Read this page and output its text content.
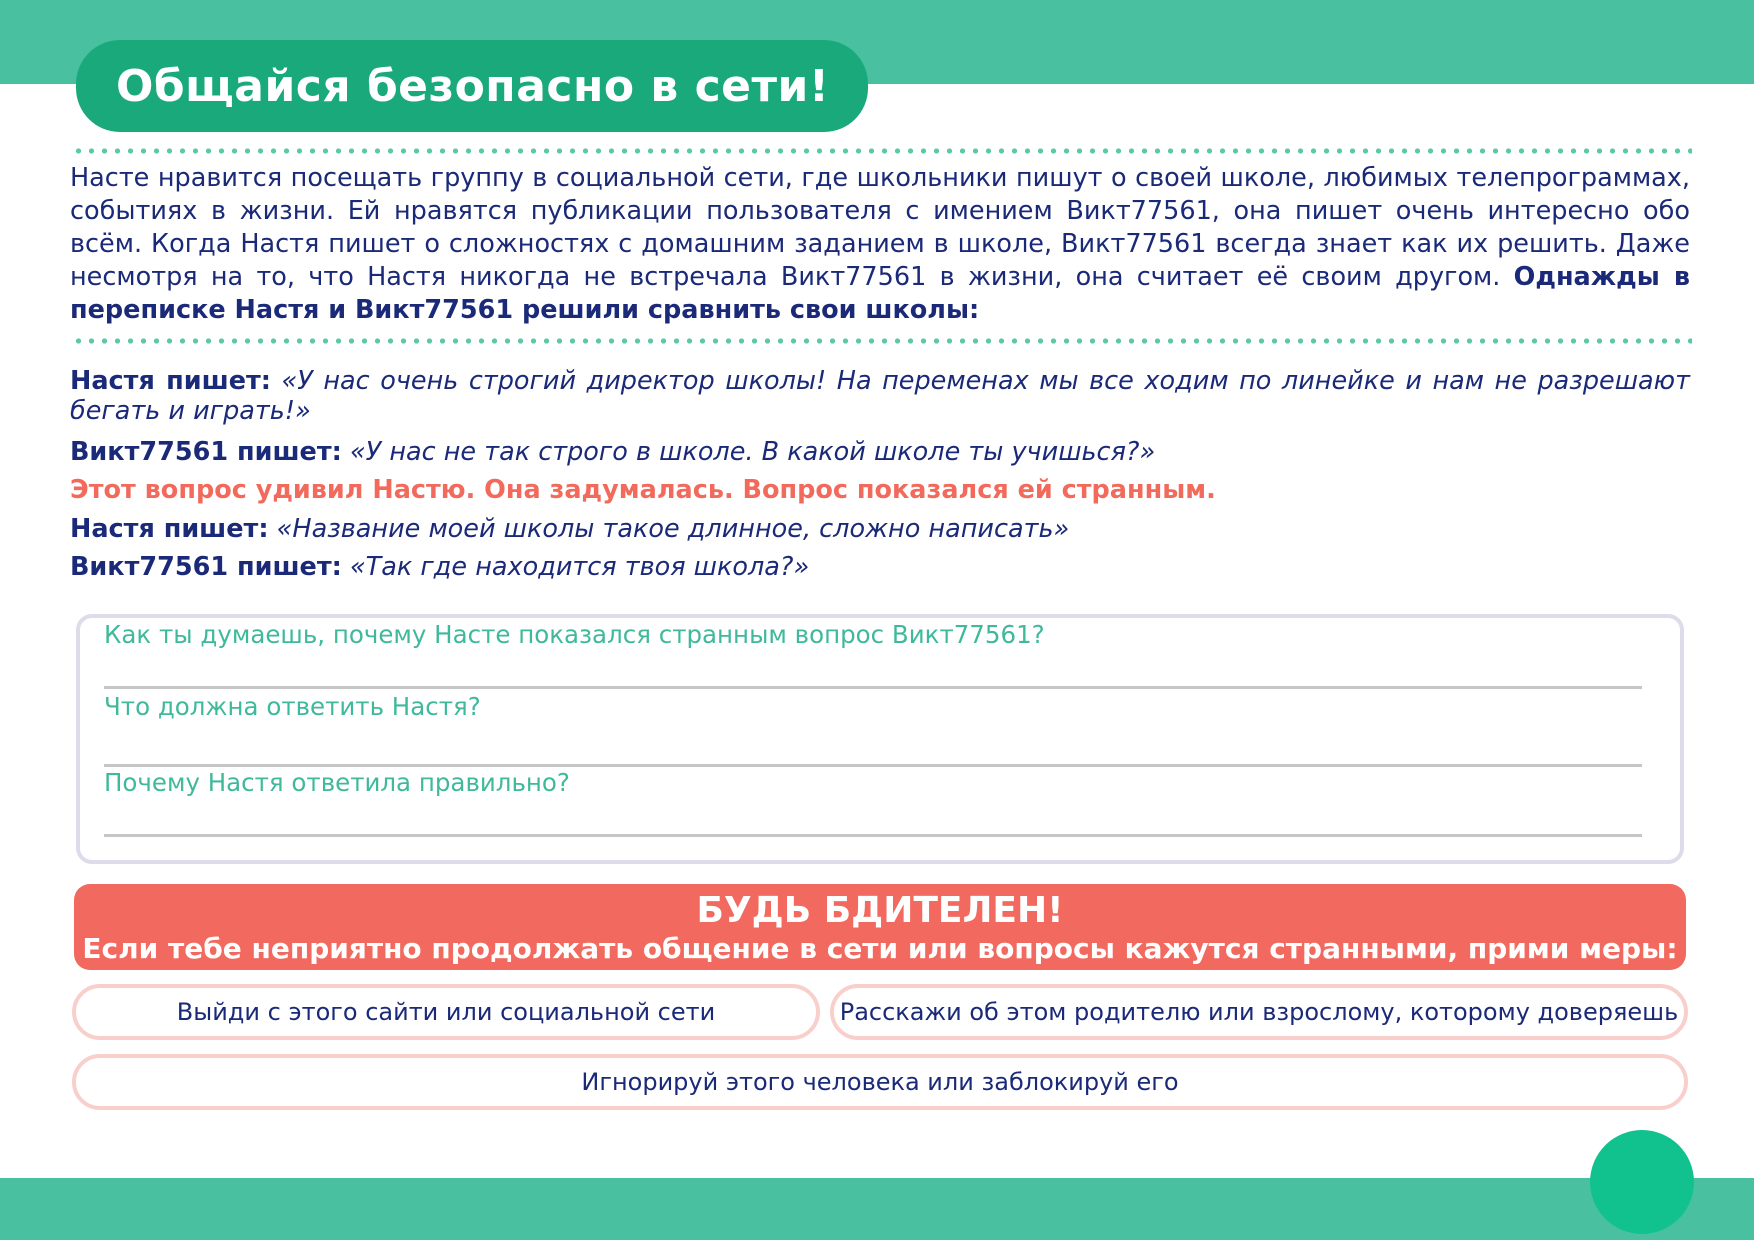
Общайся безопасно в сети!

Насте нравится посещать группу в социальной сети, где школьники пишут о своей школе, любимых телепрограммах, событиях в жизни. Ей нравятся публикации пользователя с имением Викт77561, она пишет очень интересно обо всём. Когда Настя пишет о сложностях с домашним заданием в школе, Викт77561 всегда знает как их решить. Даже несмотря на то, что Настя никогда не встречала Викт77561 в жизни, она считает её своим другом. Однажды в переписке Настя и Викт77561 решили сравнить свои школы:

Настя пишет: «У нас очень строгий директор школы! На переменах мы все ходим по линейке и нам не разрешают бегать и играть!»

Викт77561 пишет: «У нас не так строго в школе. В какой школе ты учишься?»

Этот вопрос удивил Настю. Она задумалась. Вопрос показался ей странным.

Настя пишет: «Название моей школы такое длинное, сложно написать»

Викт77561 пишет: «Так где находится твоя школа?»

Как ты думаешь, почему Насте показался странным вопрос Викт77561?

Что должна ответить Настя?

Почему Настя ответила правильно?

БУДЬ БДИТЕЛЕН!

Если тебе неприятно продолжать общение в сети или вопросы кажутся странными, прими меры:

Выйди с этого сайти или социальной сети	Расскажи об этом родителю или взрослому, которому доверяешь
Игнорируй этого человека или заблокируй его
